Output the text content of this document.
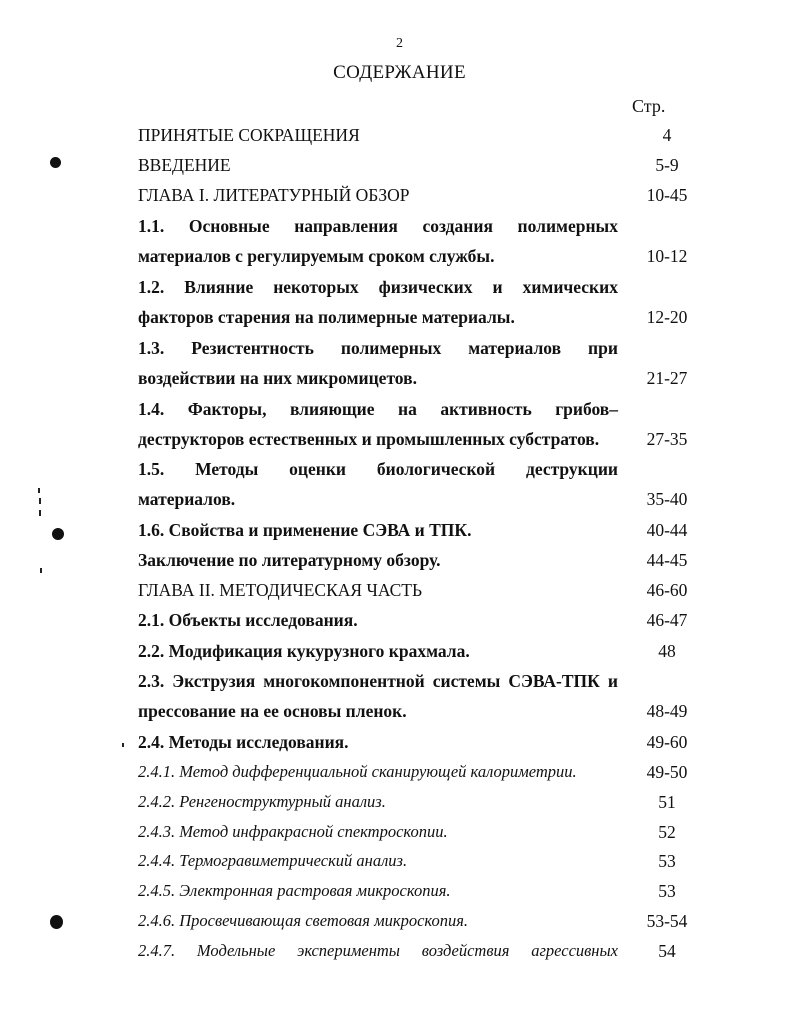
2
СОДЕРЖАНИЕ
Стр.
ПРИНЯТЫЕ СОКРАЩЕНИЯ	4
ВВЕДЕНИЕ	5-9
ГЛАВА I. ЛИТЕРАТУРНЫЙ ОБЗОР	10-45
1.1. Основные направления создания полимерных
материалов с регулируемым сроком службы.	10-12
1.2. Влияние некоторых физических и химических
факторов старения на полимерные материалы.	12-20
1.3. Резистентность полимерных материалов при
воздействии на них микромицетов.	21-27
1.4. Факторы, влияющие на активность грибов–
деструкторов естественных и промышленных субстратов.	27-35
1.5. Методы оценки биологической деструкции
материалов.	35-40
1.6. Свойства и применение СЭВА и ТПК.	40-44
Заключение по литературному обзору.	44-45
ГЛАВА II. МЕТОДИЧЕСКАЯ ЧАСТЬ	46-60
2.1. Объекты исследования.	46-47
2.2. Модификация кукурузного крахмала.	48
2.3. Экструзия многокомпонентной системы СЭВА-ТПК и
прессование на ее основы пленок.	48-49
2.4. Методы исследования.	49-60
2.4.1. Метод дифференциальной сканирующей калориметрии.	49-50
2.4.2. Ренгеноструктурный анализ.	51
2.4.3. Метод инфракрасной спектроскопии.	52
2.4.4. Термогравиметрический анализ.	53
2.4.5. Электронная растровая микроскопия.	53
2.4.6. Просвечивающая световая микроскопия.	53-54
2.4.7. Модельные эксперименты воздействия агрессивных	54
